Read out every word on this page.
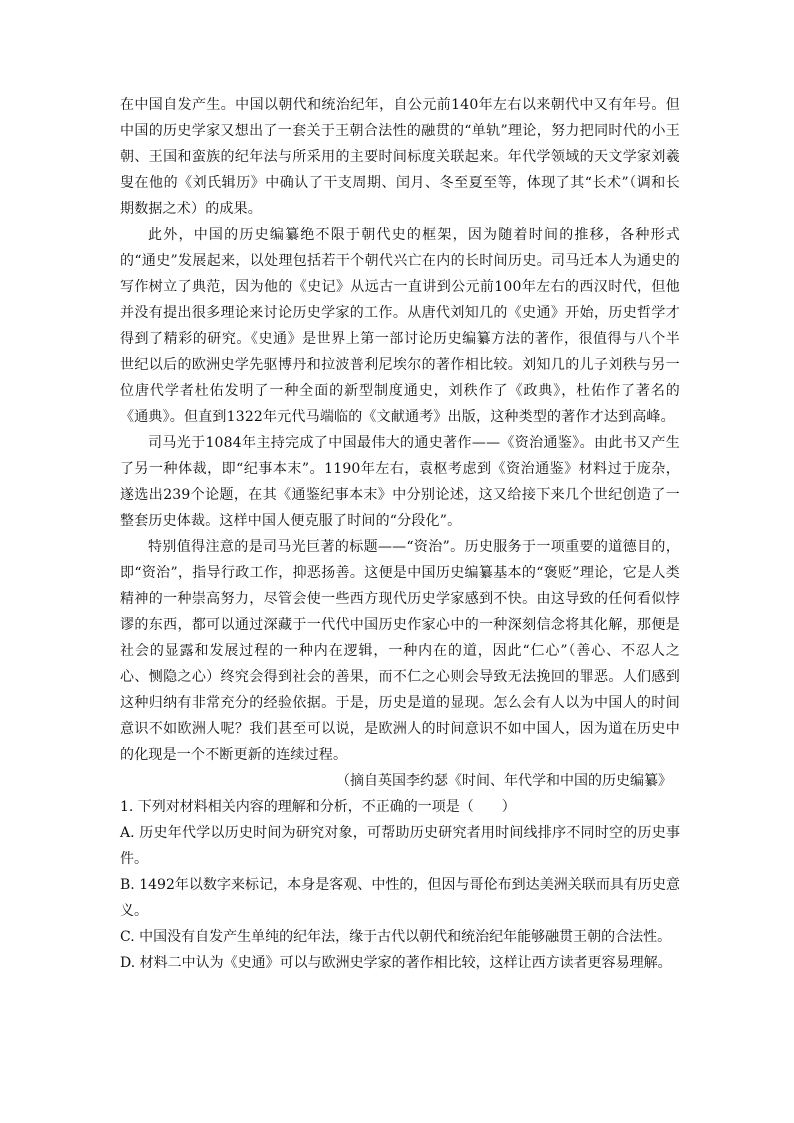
在中国自发产生。中国以朝代和统治纪年，自公元前140年左右以来朝代中又有年号。但中国的历史学家又想出了一套关于王朝合法性的融贯的“单轨”理论，努力把同时代的小王朝、王国和蛮族的纪年法与所采用的主要时间标度关联起来。年代学领域的天文学家刘羲叟在他的《刘氏辑历》中确认了干支周期、闰月、冬至夏至等，体现了其“长术”（调和长期数据之术）的成果。

此外，中国的历史编纂绝不限于朝代史的框架，因为随着时间的推移，各种形式的“通史”发展起来，以处理包括若干个朝代兴亡在内的长时间历史。司马迁本人为通史的写作树立了典范，因为他的《史记》从远古一直讲到公元前100年左右的西汉时代，但他并没有提出很多理论来讨论历史学家的工作。从唐代刘知几的《史通》开始，历史哲学才得到了精彩的研究。《史通》是世界上第一部讨论历史编纂方法的著作，很值得与八个半世纪以后的欧洲史学先驱博丹和拉波普利尼埃尔的著作相比较。刘知几的儿子刘秩与另一位唐代学者杜佑发明了一种全面的新型制度通史，刘秩作了《政典》，杜佑作了著名的《通典》。但直到1322年元代马端临的《文献通考》出版，这种类型的著作才达到高峰。

司马光于1084年主持完成了中国最伟大的通史著作——《资治通鉴》。由此书又产生了另一种体裁，即“纪事本末”。1190年左右，袁枢考虑到《资治通鉴》材料过于庞杂，遂选出239个论题，在其《通鉴纪事本末》中分别论述，这又给接下来几个世纪创造了一整套历史体裁。这样中国人便克服了时间的“分段化”。

特别值得注意的是司马光巨著的标题——“资治”。历史服务于一项重要的道德目的，即“资治”，指导行政工作，抑恶扬善。这便是中国历史编纂基本的“褒贬”理论，它是人类精神的一种崇高努力，尽管会使一些西方现代历史学家感到不快。由这导致的任何看似悖谬的东西，都可以通过深藏于一代代中国历史作家心中的一种深刻信念将其化解，那便是社会的显露和发展过程的一种内在逻辑，一种内在的道，因此“仁心”（善心、不忍人之心、恻隐之心）终究会得到社会的善果，而不仁之心则会导致无法挽回的罪恶。人们感到这种归纳有非常充分的经验依据。于是，历史是道的显现。怎么会有人以为中国人的时间意识不如欧洲人呢？我们甚至可以说，是欧洲人的时间意识不如中国人，因为道在历史中的化现是一个不断更新的连续过程。

（摘自英国李约瑟《时间、年代学和中国的历史编纂》

1. 下列对材料相关内容的理解和分析，不正确的一项是（　　）

A. 历史年代学以历史时间为研究对象，可帮助历史研究者用时间线排序不同时空的历史事件。

B. 1492年以数字来标记，本身是客观、中性的，但因与哥伦布到达美洲关联而具有历史意义。

C. 中国没有自发产生单纯的纪年法，缘于古代以朝代和统治纪年能够融贯王朝的合法性。

D. 材料二中认为《史通》可以与欧洲史学家的著作相比较，这样让西方读者更容易理解。
